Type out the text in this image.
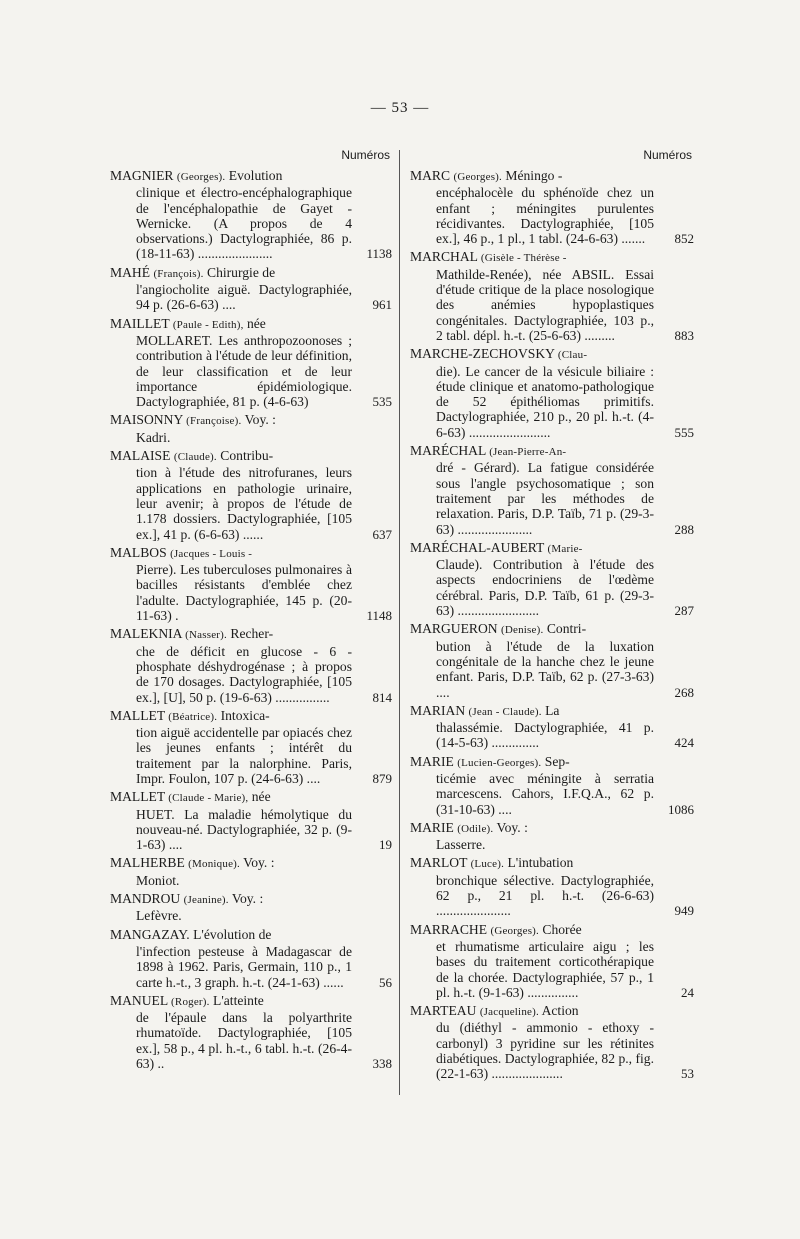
— 53 —
Numéros
MAGNIER (Georges). Evolution
clinique et électro-encéphalographique de l'encéphalopathie de Gayet - Wernicke. (A propos de 4 observations.) Dactylographiée, 86 p. (18-11-63) ......................	1138
MAHÉ (François). Chirurgie de
l'angiocholite aiguë. Dactylographiée, 94 p. (26-6-63) ....	961
MAILLET (Paule - Edith), née
MOLLARET. Les anthropozoonoses ; contribution à l'étude de leur définition, de leur classification et de leur importance épidémiologique. Dactylographiée, 81 p. (4-6-63)	535
MAISONNY (Françoise). Voy. :
Kadri.
MALAISE (Claude). Contribu-
tion à l'étude des nitrofuranes, leurs applications en pathologie urinaire, leur avenir; à propos de l'étude de 1.178 dossiers. Dactylographiée, [105 ex.], 41 p. (6-6-63) ......	637
MALBOS (Jacques - Louis -
Pierre). Les tuberculoses pulmonaires à bacilles résistants d'emblée chez l'adulte. Dactylographiée, 145 p. (20-11-63) .	1148
MALEKNIA (Nasser). Recher-
che de déficit en glucose - 6 - phosphate déshydrogénase ; à propos de 170 dosages. Dactylographiée, [105 ex.], [U], 50 p. (19-6-63) ................	814
MALLET (Béatrice). Intoxica-
tion aiguë accidentelle par opiacés chez les jeunes enfants ; intérêt du traitement par la nalorphine. Paris, Impr. Foulon, 107 p. (24-6-63) ....	879
MALLET (Claude - Marie), née
HUET. La maladie hémolytique du nouveau-né. Dactylographiée, 32 p. (9-1-63) ....	19
MALHERBE (Monique). Voy. :
Moniot.
MANDROU (Jeanine). Voy. :
Lefèvre.
MANGAZAY. L'évolution de
l'infection pesteuse à Madagascar de 1898 à 1962. Paris, Germain, 110 p., 1 carte h.-t., 3 graph. h.-t. (24-1-63) ......	56
MANUEL (Roger). L'atteinte
de l'épaule dans la polyarthrite rhumatoïde. Dactylographiée, [105 ex.], 58 p., 4 pl. h.-t., 6 tabl. h.-t. (26-4-63) ..	338
Numéros
MARC (Georges). Méningo -
encéphalocèle du sphénoïde chez un enfant ; méningites purulentes récidivantes. Dactylographiée, [105 ex.], 46 p., 1 pl., 1 tabl. (24-6-63) .......	852
MARCHAL (Gisèle - Thérèse -
Mathilde-Renée), née ABSIL. Essai d'étude critique de la place nosologique des anémies hypoplastiques congénitales. Dactylographiée, 103 p., 2 tabl. dépl. h.-t. (25-6-63) .........	883
MARCHE-ZECHOVSKY (Clau-
die). Le cancer de la vésicule biliaire : étude clinique et anatomo-pathologique de 52 épithéliomas primitifs. Dactylographiée, 210 p., 20 pl. h.-t. (4-6-63) ........................	555
MARÉCHAL (Jean-Pierre-An-
dré - Gérard). La fatigue considérée sous l'angle psychosomatique ; son traitement par les méthodes de relaxation. Paris, D.P. Taïb, 71 p. (29-3-63) ......................	288
MARÉCHAL-AUBERT (Marie-
Claude). Contribution à l'étude des aspects endocriniens de l'œdème cérébral. Paris, D.P. Taïb, 61 p. (29-3-63) ........................	287
MARGUERON (Denise). Contri-
bution à l'étude de la luxation congénitale de la hanche chez le jeune enfant. Paris, D.P. Taïb, 62 p. (27-3-63) ....	268
MARIAN (Jean - Claude). La
thalassémie. Dactylographiée, 41 p. (14-5-63) ..............	424
MARIE (Lucien-Georges). Sep-
ticémie avec méningite à serratia marcescens. Cahors, I.F.Q.A., 62 p. (31-10-63) ....	1086
MARIE (Odile). Voy. :
Lasserre.
MARLOT (Luce). L'intubation
bronchique sélective. Dactylographiée, 62 p., 21 pl. h.-t. (26-6-63) ......................	949
MARRACHE (Georges). Chorée
et rhumatisme articulaire aigu ; les bases du traitement corticothérapique de la chorée. Dactylographiée, 57 p., 1 pl. h.-t. (9-1-63) ...............	24
MARTEAU (Jacqueline). Action
du (diéthyl - ammonio - ethoxy - carbonyl) 3 pyridine sur les rétinites diabétiques. Dactylographiée, 82 p., fig. (22-1-63) .....................	53
